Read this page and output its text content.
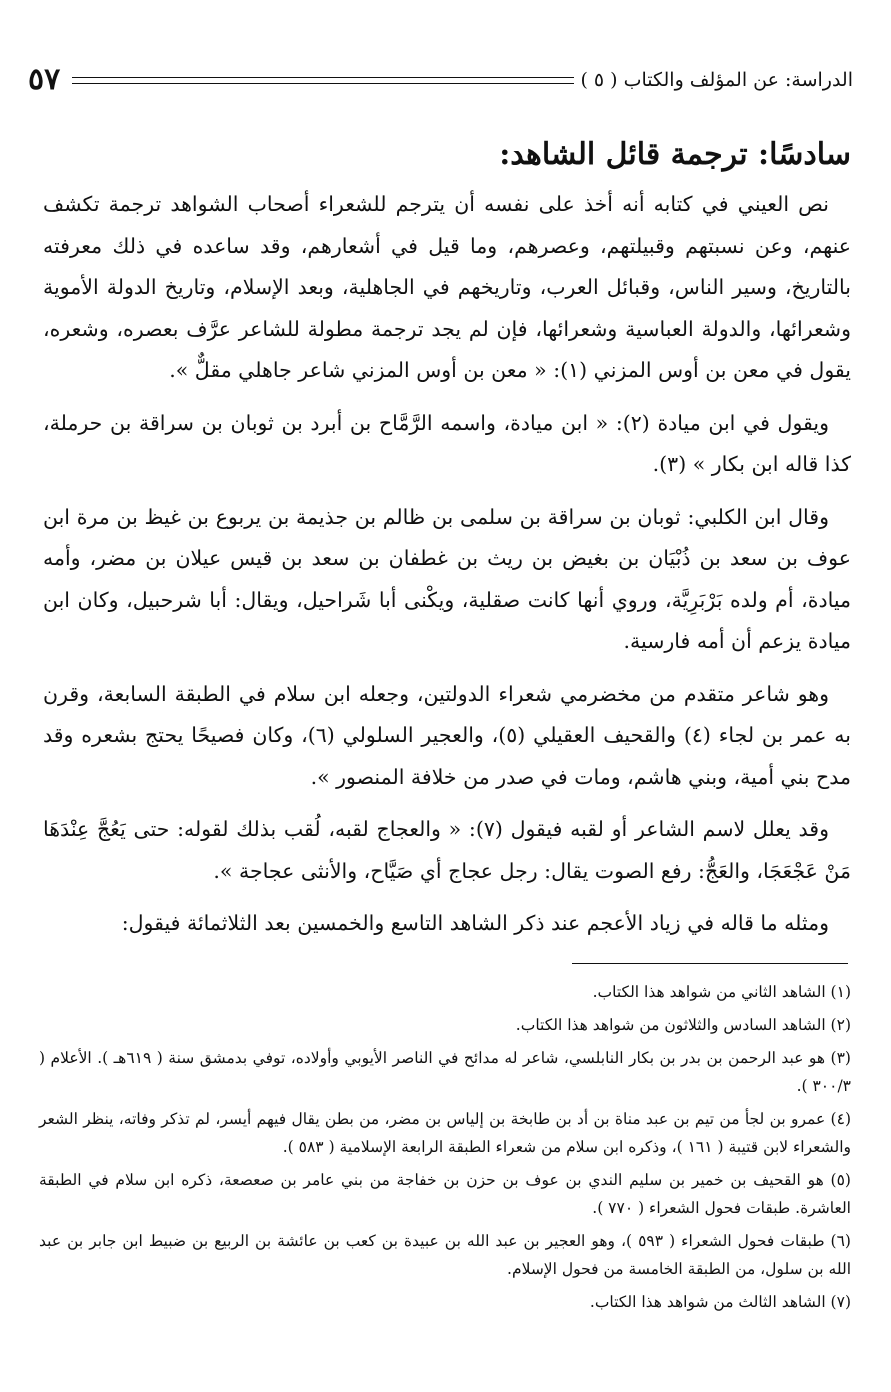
٥٧	الدراسة: عن المؤلف والكتاب ( ٥ )
سادسًا: ترجمة قائل الشاهد:

نص العيني في كتابه أنه أخذ على نفسه أن يترجم للشعراء أصحاب الشواهد ترجمة تكشف عنهم، وعن نسبتهم وقبيلتهم، وعصرهم، وما قيل في أشعارهم، وقد ساعده في ذلك معرفته بالتاريخ، وسير الناس، وقبائل العرب، وتاريخهم في الجاهلية، وبعد الإسلام، وتاريخ الدولة الأموية وشعرائها، والدولة العباسية وشعرائها، فإن لم يجد ترجمة مطولة للشاعر عرَّف بعصره، وشعره، يقول في معن بن أوس المزني (١): « معن بن أوس المزني شاعر جاهلي مقلٌّ ».

ويقول في ابن ميادة (٢): « ابن ميادة، واسمه الرَّمَّاح بن أبرد بن ثوبان بن سراقة بن حرملة، كذا قاله ابن بكار » (٣).

وقال ابن الكلبي: ثوبان بن سراقة بن سلمى بن ظالم بن جذيمة بن يربوع بن غيظ بن مرة ابن عوف بن سعد بن ذُبْيَان بن بغيض بن ريث بن غطفان بن سعد بن قيس عيلان بن مضر، وأمه ميادة، أم ولده بَرْبَرِيَّة، وروي أنها كانت صقلية، ويكْنى أبا شَراحيل، ويقال: أبا شرحبيل، وكان ابن ميادة يزعم أن أمه فارسية.

وهو شاعر متقدم من مخضرمي شعراء الدولتين، وجعله ابن سلام في الطبقة السابعة، وقرن به عمر بن لجاء (٤) والقحيف العقيلي (٥)، والعجير السلولي (٦)، وكان فصيحًا يحتج بشعره وقد مدح بني أمية، وبني هاشم، ومات في صدر من خلافة المنصور ».

وقد يعلل لاسم الشاعر أو لقبه فيقول (٧): « والعجاج لقبه، لُقب بذلك لقوله: حتى يَعُجَّ عِنْدَهَا مَنْ عَجْعَجَا، والعَجُّ: رفع الصوت يقال: رجل عجاج أي صَيَّاح، والأنثى عجاجة ».

ومثله ما قاله في زياد الأعجم عند ذكر الشاهد التاسع والخمسين بعد الثلاثمائة فيقول:

(١) الشاهد الثاني من شواهد هذا الكتاب.

(٢) الشاهد السادس والثلاثون من شواهد هذا الكتاب.

(٣) هو عبد الرحمن بن بدر بن بكار النابلسي، شاعر له مدائح في الناصر الأيوبي وأولاده، توفي بدمشق سنة ( ٦١٩هـ ). الأعلام ( ٣٠٠/٣ ).

(٤) عمرو بن لجأ من تيم بن عبد مناة بن أد بن طابخة بن إلياس بن مضر، من بطن يقال فيهم أيسر، لم تذكر وفاته، ينظر الشعر والشعراء لابن قتيبة ( ١٦١ )، وذكره ابن سلام من شعراء الطبقة الرابعة الإسلامية ( ٥٨٣ ).

(٥) هو القحيف بن خمير بن سليم الندي بن عوف بن حزن بن خفاجة من بني عامر بن صعصعة، ذكره ابن سلام في الطبقة العاشرة. طبقات فحول الشعراء ( ٧٧٠ ).

(٦) طبقات فحول الشعراء ( ٥٩٣ )، وهو العجير بن عبد الله بن عبيدة بن كعب بن عائشة بن الربيع بن ضبيط ابن جابر بن عبد الله بن سلول، من الطبقة الخامسة من فحول الإسلام.

(٧) الشاهد الثالث من شواهد هذا الكتاب.
